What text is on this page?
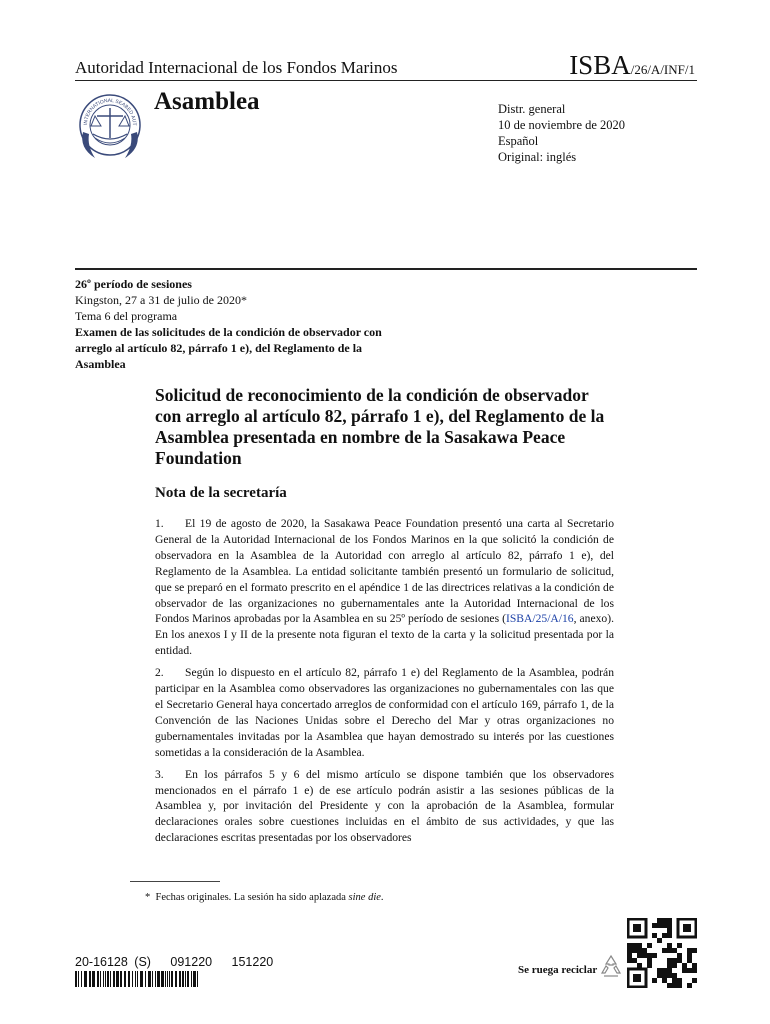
Autoridad Internacional de los Fondos Marinos	ISBA/26/A/INF/1
INTERNATIONAL SEABED AUT
Asamblea	Distr. general
10 de noviembre de 2020
Español
Original: inglés
26º período de sesiones
Kingston, 27 a 31 de julio de 2020*
Tema 6 del programa
Examen de las solicitudes de la condición de observador con arreglo al artículo 82, párrafo 1 e), del Reglamento de la Asamblea
Solicitud de reconocimiento de la condición de observador con arreglo al artículo 82, párrafo 1 e), del Reglamento de la Asamblea presentada en nombre de la Sasakawa Peace Foundation
Nota de la secretaría

1. El 19 de agosto de 2020, la Sasakawa Peace Foundation presentó una carta al Secretario General de la Autoridad Internacional de los Fondos Marinos en la que solicitó la condición de observadora en la Asamblea de la Autoridad con arreglo al artículo 82, párrafo 1 e), del Reglamento de la Asamblea. La entidad solicitante también presentó un formulario de solicitud, que se preparó en el formato prescrito en el apéndice 1 de las directrices relativas a la condición de observador de las organizaciones no gubernamentales ante la Autoridad Internacional de los Fondos Marinos aprobadas por la Asamblea en su 25º período de sesiones (ISBA/25/A/16, anexo). En los anexos I y II de la presente nota figuran el texto de la carta y la solicitud presentada por la entidad.

2. Según lo dispuesto en el artículo 82, párrafo 1 e) del Reglamento de la Asamblea, podrán participar en la Asamblea como observadores las organizaciones no gubernamentales con las que el Secretario General haya concertado arreglos de conformidad con el artículo 169, párrafo 1, de la Convención de las Naciones Unidas sobre el Derecho del Mar y otras organizaciones no gubernamentales invitadas por la Asamblea que hayan demostrado su interés por las cuestiones sometidas a la consideración de la Asamblea.

3. En los párrafos 5 y 6 del mismo artículo se dispone también que los observadores mencionados en el párrafo 1 e) de ese artículo podrán asistir a las sesiones públicas de la Asamblea y, por invitación del Presidente y con la aprobación de la Asamblea, formular declaraciones orales sobre cuestiones incluidas en el ámbito de sus actividades, y que las declaraciones escritas presentadas por los observadores

* Fechas originales. La sesión ha sido aplazada sine die.
20-16128 (S) 091220 151220
*2016128*	Se ruega reciclar
